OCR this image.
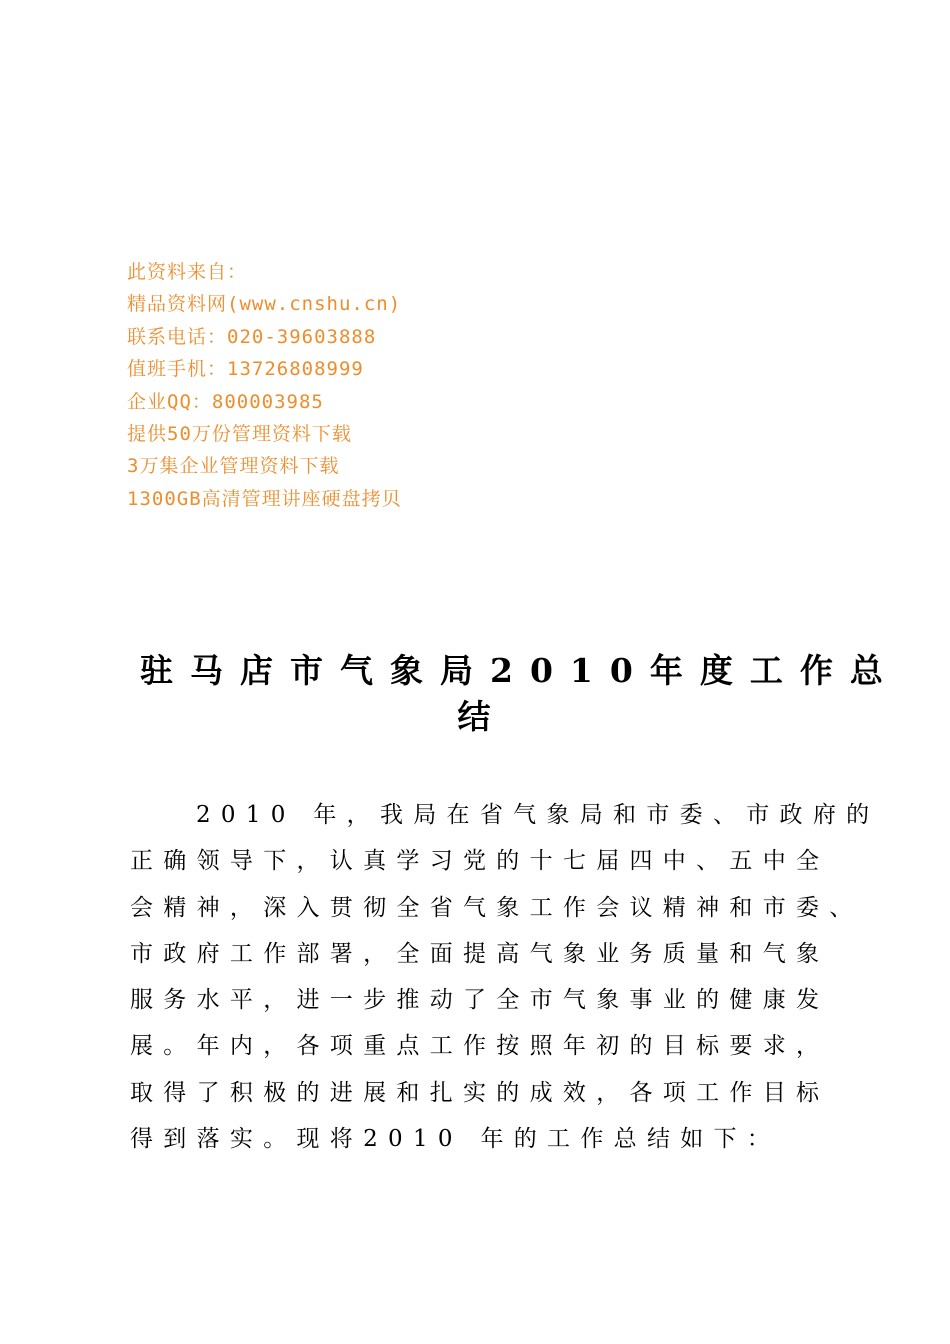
此资料来自：
精品资料网(www.cnshu.cn)
联系电话：020-39603888
值班手机：13726808999
企业QQ：800003985
提供50万份管理资料下载
3万集企业管理资料下载
1300GB高清管理讲座硬盘拷贝
驻马店市气象局2010年度工作总
结
2010 年，我局在省气象局和市委、市政府的
正确领导下，认真学习党的十七届四中、五中全
会精神，深入贯彻全省气象工作会议精神和市委、
市政府工作部署，全面提高气象业务质量和气象
服务水平，进一步推动了全市气象事业的健康发
展。年内，各项重点工作按照年初的目标要求，
取得了积极的进展和扎实的成效，各项工作目标
得到落实。现将2010 年的工作总结如下：
